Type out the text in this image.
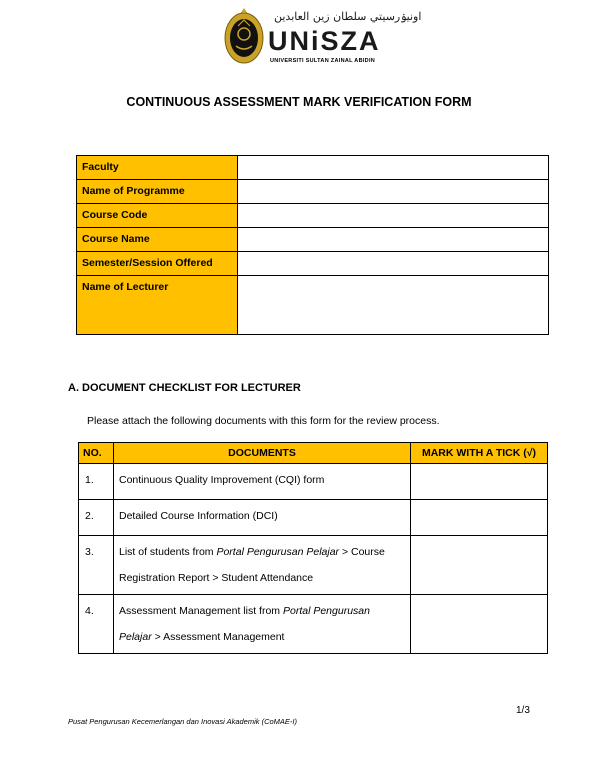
اونيۏرسيتي سلطان زين العابدين
UNiSZA
UNIVERSITI SULTAN ZAINAL ABIDIN
CONTINUOUS ASSESSMENT MARK VERIFICATION FORM
Faculty	
Name of Programme	
Course Code	
Course Name	
Semester/Session Offered	
Name of Lecturer	
A. DOCUMENT CHECKLIST FOR LECTURER
Please attach the following documents with this form for the review process.
NO.	DOCUMENTS	MARK WITH A TICK (√)
1.	Continuous Quality Improvement (CQI) form	
2.	Detailed Course Information (DCI)	
3.	List of students from Portal Pengurusan Pelajar > Course Registration Report > Student Attendance	
4.	Assessment Management list from Portal Pengurusan Pelajar > Assessment Management	
1/3
Pusat Pengurusan Kecemerlangan dan Inovasi Akademik (CoMAE-I)
